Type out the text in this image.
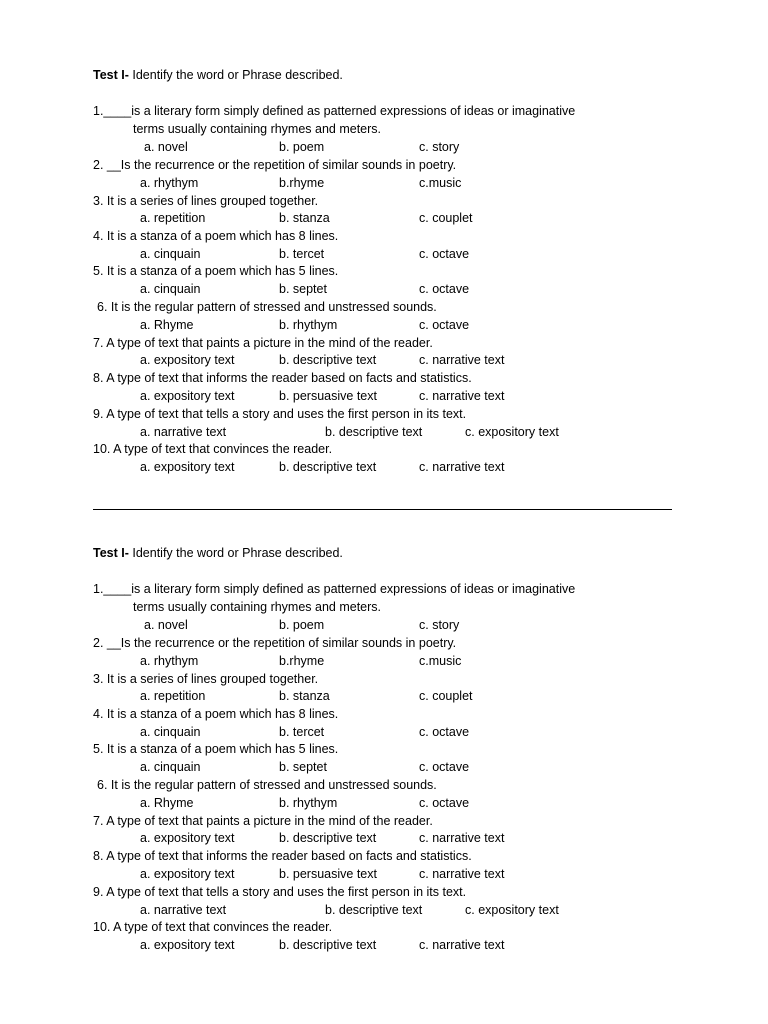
Test I- Identify the word or Phrase described.
1.____is a literary form simply defined as patterned expressions of ideas or imaginative
terms usually containing rhymes and meters.
a. novel	b. poem	c. story
2. __Is the recurrence or the repetition of similar sounds in poetry.
a. rhythym	b.rhyme	c.music
3. It is a series of lines grouped together.
a. repetition	b. stanza	c. couplet
4. It is a stanza of a poem which has 8 lines.
a. cinquain	b. tercet	c. octave
5. It is a stanza of a poem which has 5 lines.
a. cinquain	b. septet	c. octave
6. It is the regular pattern of stressed and unstressed sounds.
a. Rhyme	b. rhythym	c. octave
7. A type of text that paints a picture in the mind of the reader.
a. expository text	b. descriptive text	c. narrative text
8. A type of text that informs the reader based on facts and statistics.
a. expository text	b. persuasive text	c. narrative text
9. A type of text that tells a story and uses the first person in its text.
a. narrative text	b. descriptive text	c. expository text
10. A type of text that convinces the reader.
a. expository text	b. descriptive text	c. narrative text
Test I- Identify the word or Phrase described.
1.____is a literary form simply defined as patterned expressions of ideas or imaginative
terms usually containing rhymes and meters.
a. novel	b. poem	c. story
2. __Is the recurrence or the repetition of similar sounds in poetry.
a. rhythym	b.rhyme	c.music
3. It is a series of lines grouped together.
a. repetition	b. stanza	c. couplet
4. It is a stanza of a poem which has 8 lines.
a. cinquain	b. tercet	c. octave
5. It is a stanza of a poem which has 5 lines.
a. cinquain	b. septet	c. octave
6. It is the regular pattern of stressed and unstressed sounds.
a. Rhyme	b. rhythym	c. octave
7. A type of text that paints a picture in the mind of the reader.
a. expository text	b. descriptive text	c. narrative text
8. A type of text that informs the reader based on facts and statistics.
a. expository text	b. persuasive text	c. narrative text
9. A type of text that tells a story and uses the first person in its text.
a. narrative text	b. descriptive text	c. expository text
10. A type of text that convinces the reader.
a. expository text	b. descriptive text	c. narrative text
